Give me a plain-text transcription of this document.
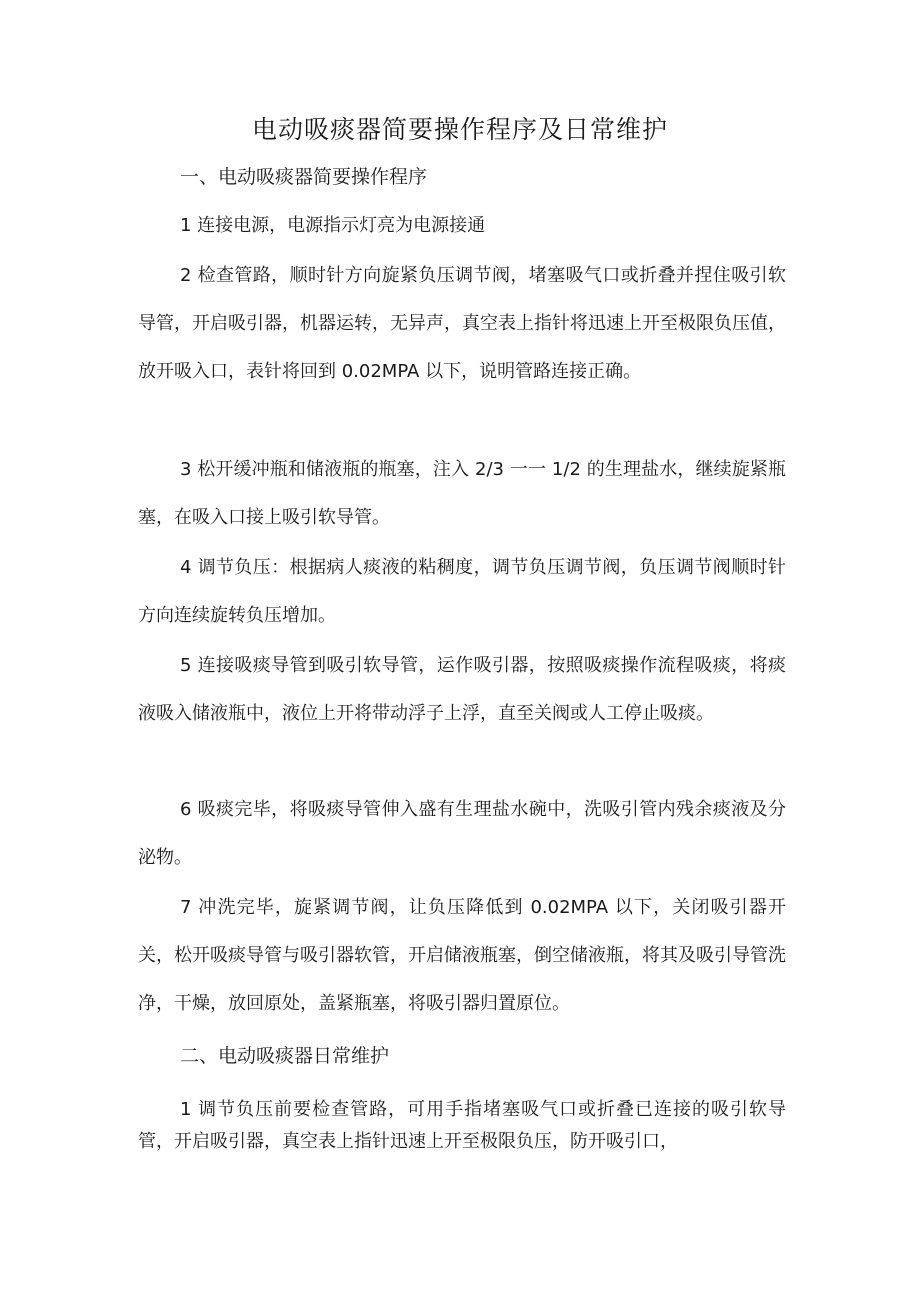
电动吸痰器简要操作程序及日常维护
一、电动吸痰器简要操作程序

1 连接电源，电源指示灯亮为电源接通

2 检查管路，顺时针方向旋紧负压调节阀，堵塞吸气口或折叠并捏住吸引软导管，开启吸引器，机器运转，无异声，真空表上指针将迅速上开至极限负压值，放开吸入口，表针将回到 0.02MPA 以下，说明管路连接正确。

3 松开缓冲瓶和储液瓶的瓶塞，注入 2/3 一一 1/2 的生理盐水，继续旋紧瓶塞，在吸入口接上吸引软导管。

4 调节负压：根据病人痰液的粘稠度，调节负压调节阀，负压调节阀顺时针方向连续旋转负压增加。

5 连接吸痰导管到吸引软导管，运作吸引器，按照吸痰操作流程吸痰，将痰液吸入储液瓶中，液位上开将带动浮子上浮，直至关阀或人工停止吸痰。

6 吸痰完毕，将吸痰导管伸入盛有生理盐水碗中，洗吸引管内残余痰液及分泌物。

7 冲洗完毕，旋紧调节阀，让负压降低到 0.02MPA 以下，关闭吸引器开关，松开吸痰导管与吸引器软管，开启储液瓶塞，倒空储液瓶，将其及吸引导管洗净，干燥，放回原处，盖紧瓶塞，将吸引器归置原位。

二、电动吸痰器日常维护

1 调节负压前要检查管路，可用手指堵塞吸气口或折叠已连接的吸引软导管，开启吸引器，真空表上指针迅速上开至极限负压，防开吸引口，
